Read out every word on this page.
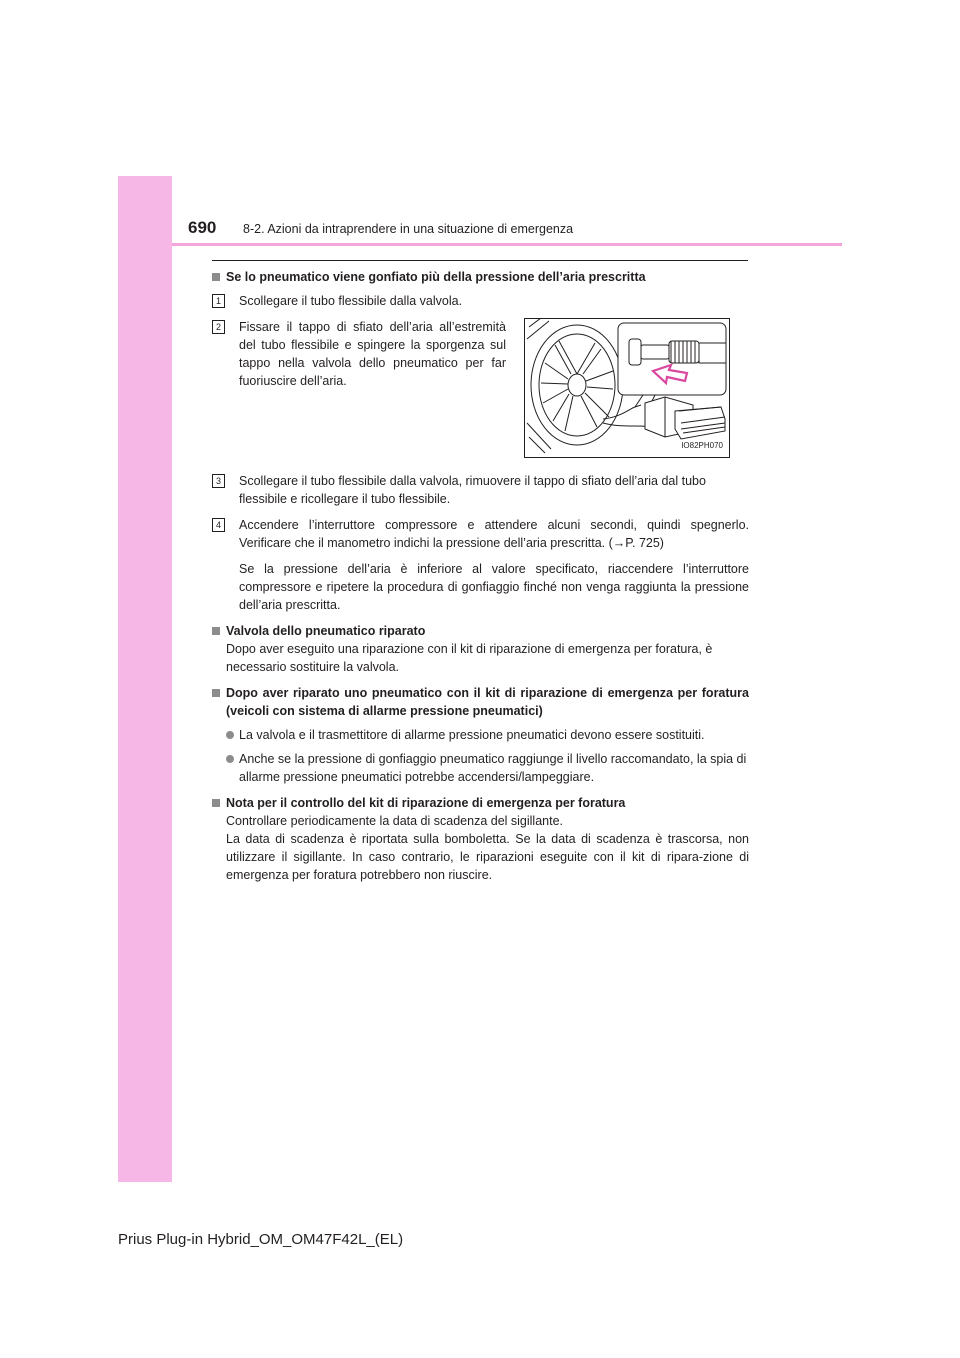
690 8-2. Azioni da intraprendere in una situazione di emergenza

Se lo pneumatico viene gonfiato più della pressione dell’aria prescritta

1	Scollegare il tubo flessibile dalla valvola.

2	Fissare il tappo di sfiato dell’aria all’estremità del tubo flessibile e spingere la sporgenza sul tappo nella valvola dello pneumatico per far fuoriuscire dell’aria.

IO82PH070

3	Scollegare il tubo flessibile dalla valvola, rimuovere il tappo di sfiato dell’aria dal tubo flessibile e ricollegare il tubo flessibile.

4	Accendere l’interruttore compressore e attendere alcuni secondi, quindi spegnerlo. Verificare che il manometro indichi la pressione dell’aria prescritta. (→P. 725)

Se la pressione dell’aria è inferiore al valore specificato, riaccendere l’interruttore compressore e ripetere la procedura di gonfiaggio finché non venga raggiunta la pressione dell’aria prescritta.

Valvola dello pneumatico riparato

Dopo aver eseguito una riparazione con il kit di riparazione di emergenza per foratura, è necessario sostituire la valvola.

Dopo aver riparato uno pneumatico con il kit di riparazione di emergenza per foratura (veicoli con sistema di allarme pressione pneumatici)

La valvola e il trasmettitore di allarme pressione pneumatici devono essere sostituiti.

Anche se la pressione di gonfiaggio pneumatico raggiunge il livello raccomandato, la spia di allarme pressione pneumatici potrebbe accendersi/lampeggiare.

Nota per il controllo del kit di riparazione di emergenza per foratura

Controllare periodicamente la data di scadenza del sigillante.

La data di scadenza è riportata sulla bomboletta. Se la data di scadenza è trascorsa, non utilizzare il sigillante. In caso contrario, le riparazioni eseguite con il kit di ripara-zione di emergenza per foratura potrebbero non riuscire.

Prius Plug-in Hybrid_OM_OM47F42L_(EL)
